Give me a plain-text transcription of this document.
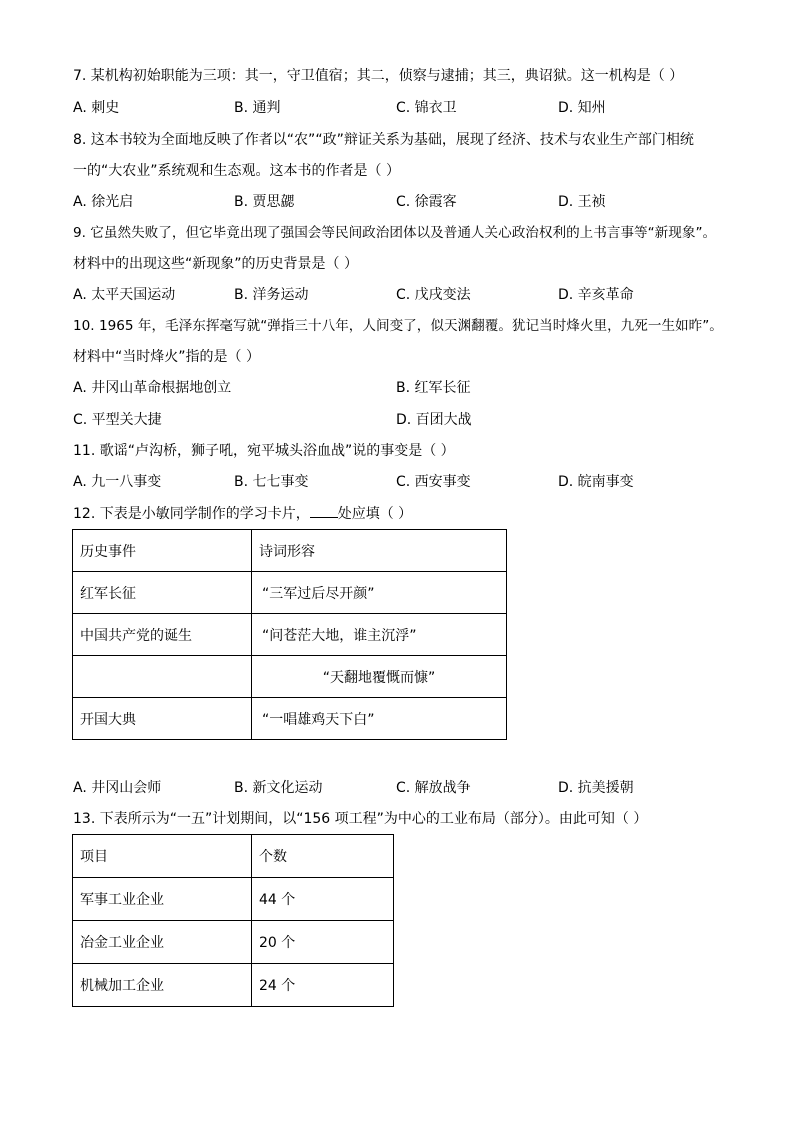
7. 某机构初始职能为三项：其一，守卫值宿；其二，侦察与逮捕；其三，典诏狱。这一机构是（ ）
A. 刺史	B. 通判	C. 锦衣卫	D. 知州
8. 这本书较为全面地反映了作者以“农”“政”辩证关系为基础，展现了经济、技术与农业生产部门相统
一的“大农业”系统观和生态观。这本书的作者是（ ）
A. 徐光启	B. 贾思勰	C. 徐霞客	D. 王祯
9. 它虽然失败了，但它毕竟出现了强国会等民间政治团体以及普通人关心政治权利的上书言事等“新现象”。
材料中的出现这些“新现象”的历史背景是（ ）
A. 太平天国运动	B. 洋务运动	C. 戊戌变法	D. 辛亥革命
10. 1965 年，毛泽东挥毫写就“弹指三十八年，人间变了，似天渊翻覆。犹记当时烽火里，九死一生如昨”。
材料中“当时烽火”指的是（ ）
A. 井冈山革命根据地创立	B. 红军长征
C. 平型关大捷	D. 百团大战
11. 歌谣“卢沟桥，狮子吼，宛平城头浴血战”说的事变是（ ）
A. 九一八事变	B. 七七事变	C. 西安事变	D. 皖南事变
12. 下表是小敏同学制作的学习卡片， 处应填（ ）
历史事件	诗词形容
红军长征	“三军过后尽开颜”
中国共产党的诞生	“问苍茫大地，谁主沉浮”
	“天翻地覆慨而慷”
开国大典	“一唱雄鸡天下白”
A. 井冈山会师	B. 新文化运动	C. 解放战争	D. 抗美援朝
13. 下表所示为“一五”计划期间，以“156 项工程”为中心的工业布局（部分）。由此可知（ ）
项目	个数
军事工业企业	44 个
冶金工业企业	20 个
机械加工企业	24 个
